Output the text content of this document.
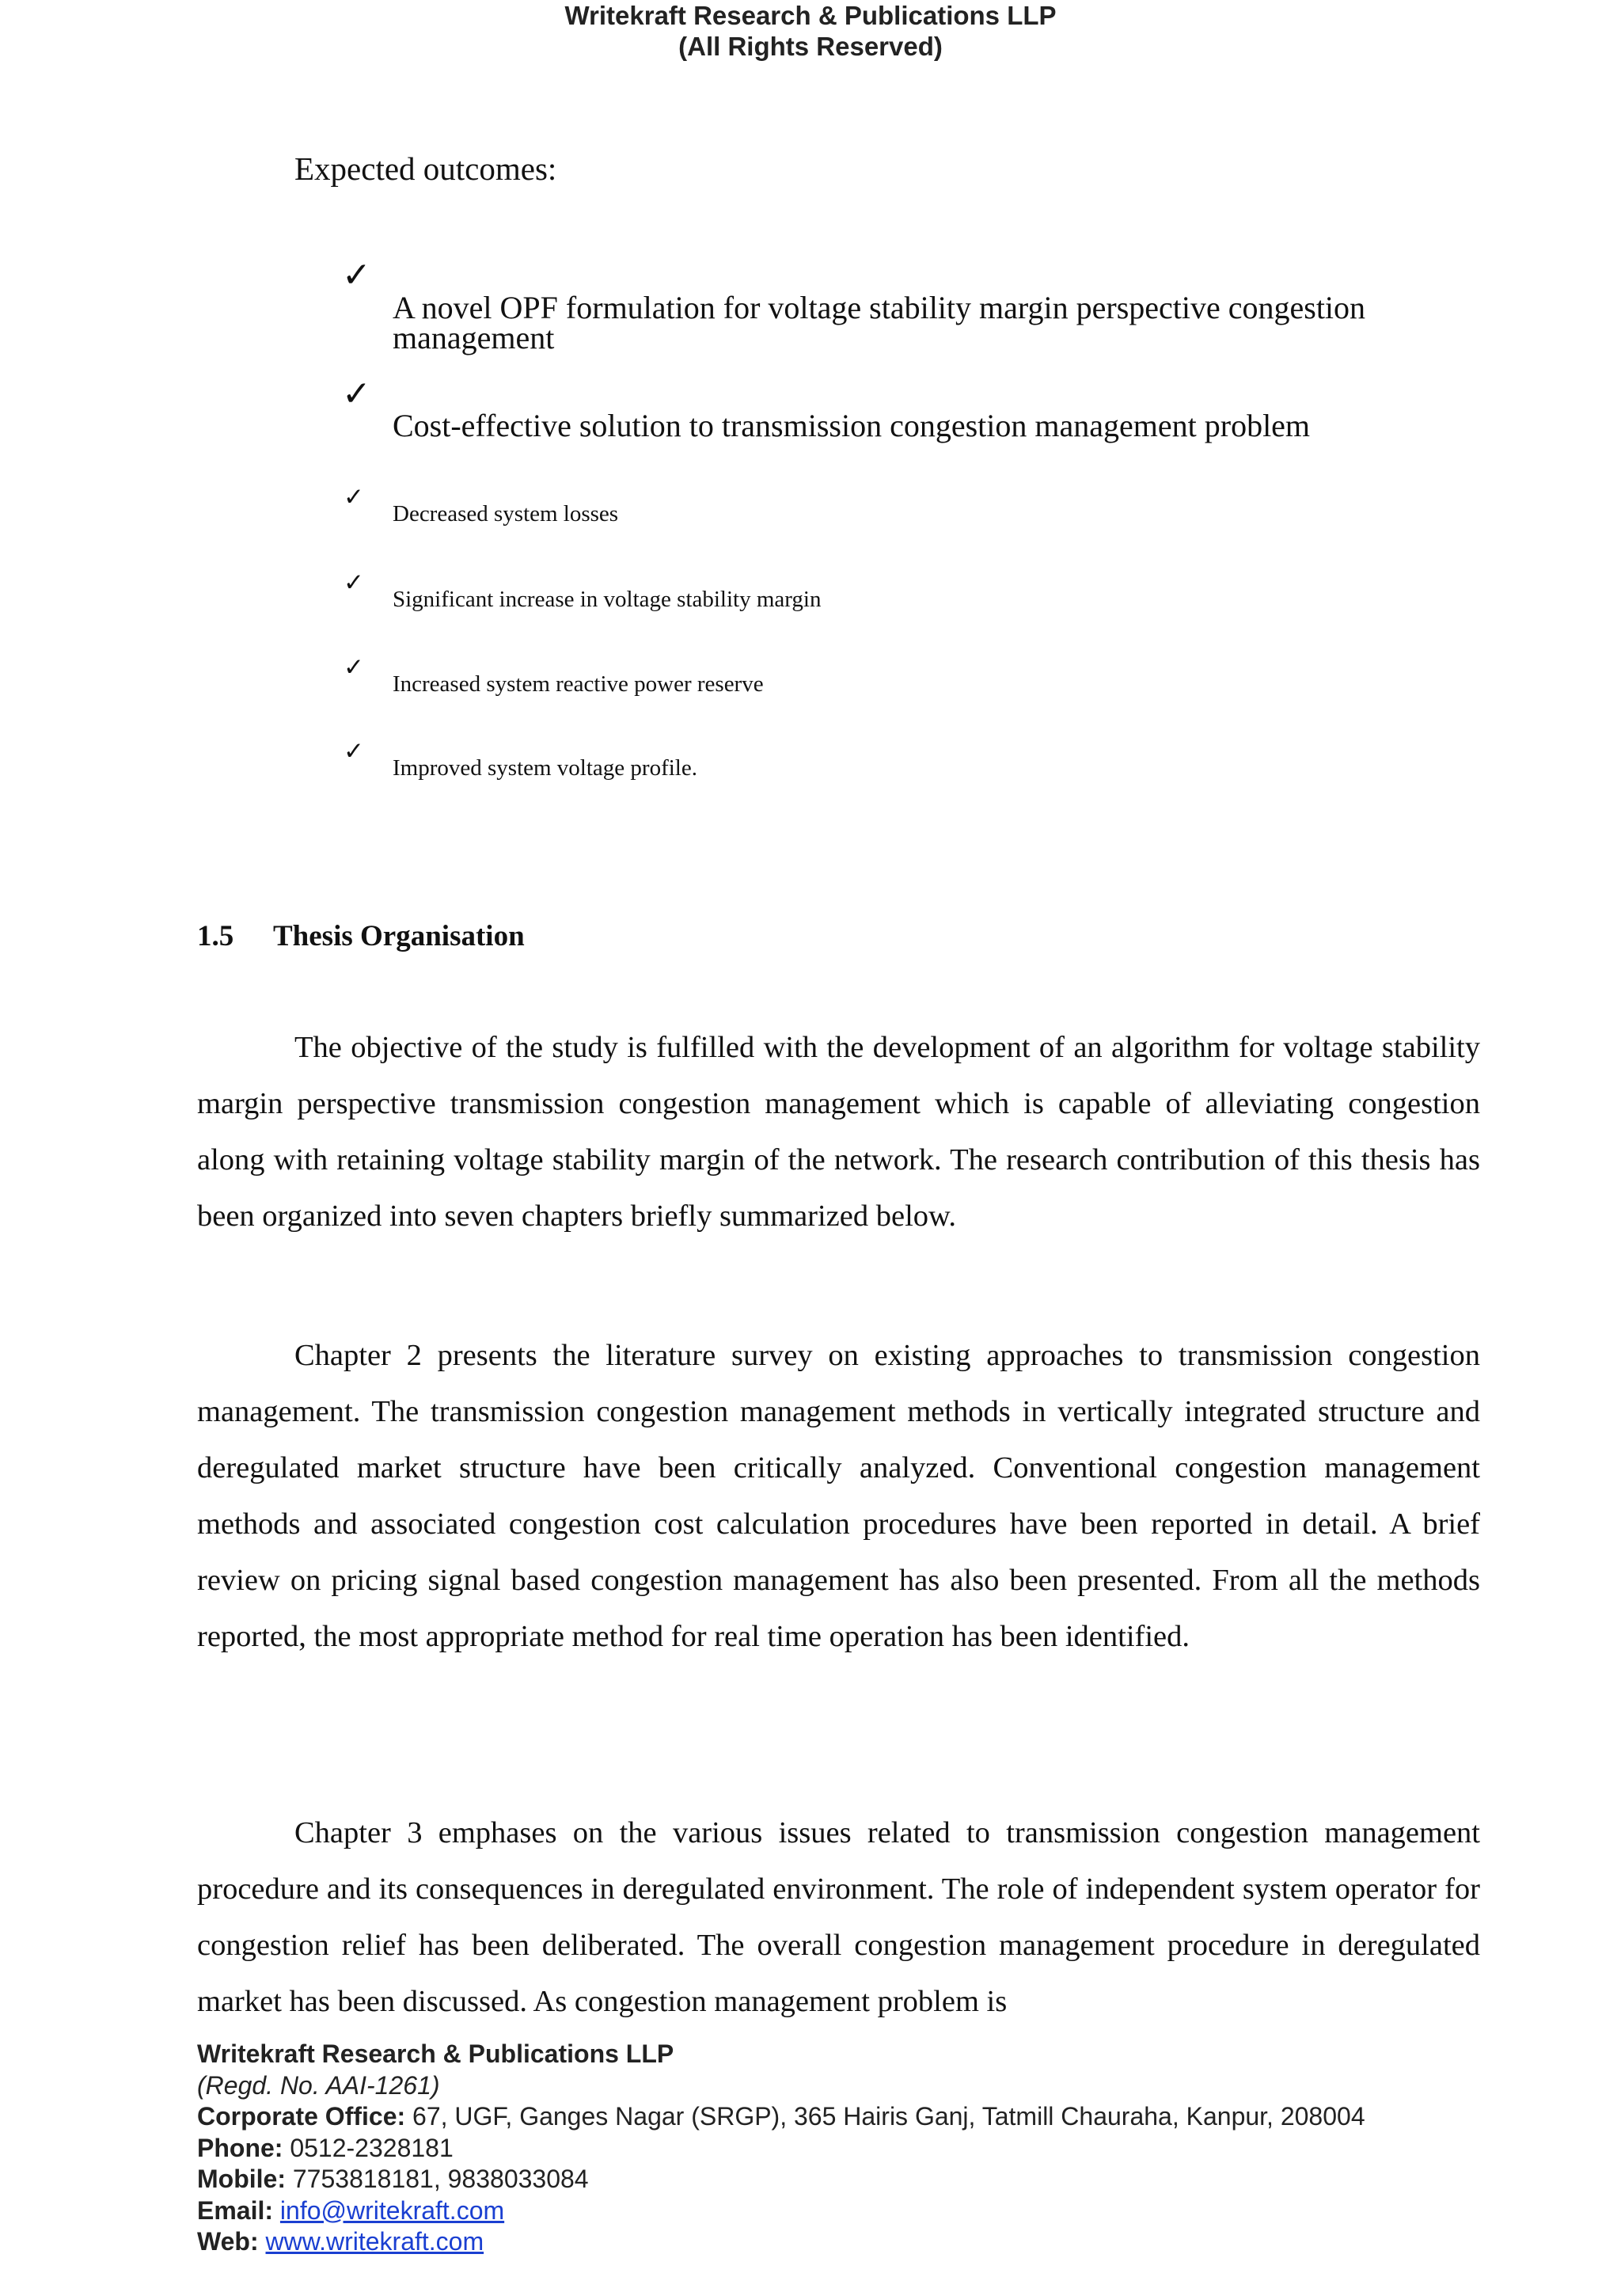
Writekraft Research & Publications LLP
(All Rights Reserved)
Expected outcomes:
✓
A novel OPF formulation for voltage stability margin perspective congestion management
✓
Cost-effective solution to transmission congestion management problem
✓
Decreased system losses
✓
Significant increase in voltage stability margin
✓
Increased system reactive power reserve
✓
Improved system voltage profile.
1.5 Thesis Organisation

The objective of the study is fulfilled with the development of an algorithm for voltage stability margin perspective transmission congestion management which is capable of alleviating congestion along with retaining voltage stability margin of the network. The research contribution of this thesis has been organized into seven chapters briefly summarized below.

Chapter 2 presents the literature survey on existing approaches to transmission congestion management. The transmission congestion management methods in vertically integrated structure and deregulated market structure have been critically analyzed. Conventional congestion management methods and associated congestion cost calculation procedures have been reported in detail. A brief review on pricing signal based congestion management has also been presented. From all the methods reported, the most appropriate method for real time operation has been identified.

Chapter 3 emphases on the various issues related to transmission congestion management procedure and its consequences in deregulated environment. The role of independent system operator for congestion relief has been deliberated. The overall congestion management procedure in deregulated market has been discussed. As congestion management problem is

Writekraft Research & Publications LLP
(Regd. No. AAI-1261)
Corporate Office: 67, UGF, Ganges Nagar (SRGP), 365 Hairis Ganj, Tatmill Chauraha, Kanpur, 208004
Phone: 0512-2328181
Mobile: 7753818181, 9838033084
Email: info@writekraft.com
Web: www.writekraft.com
